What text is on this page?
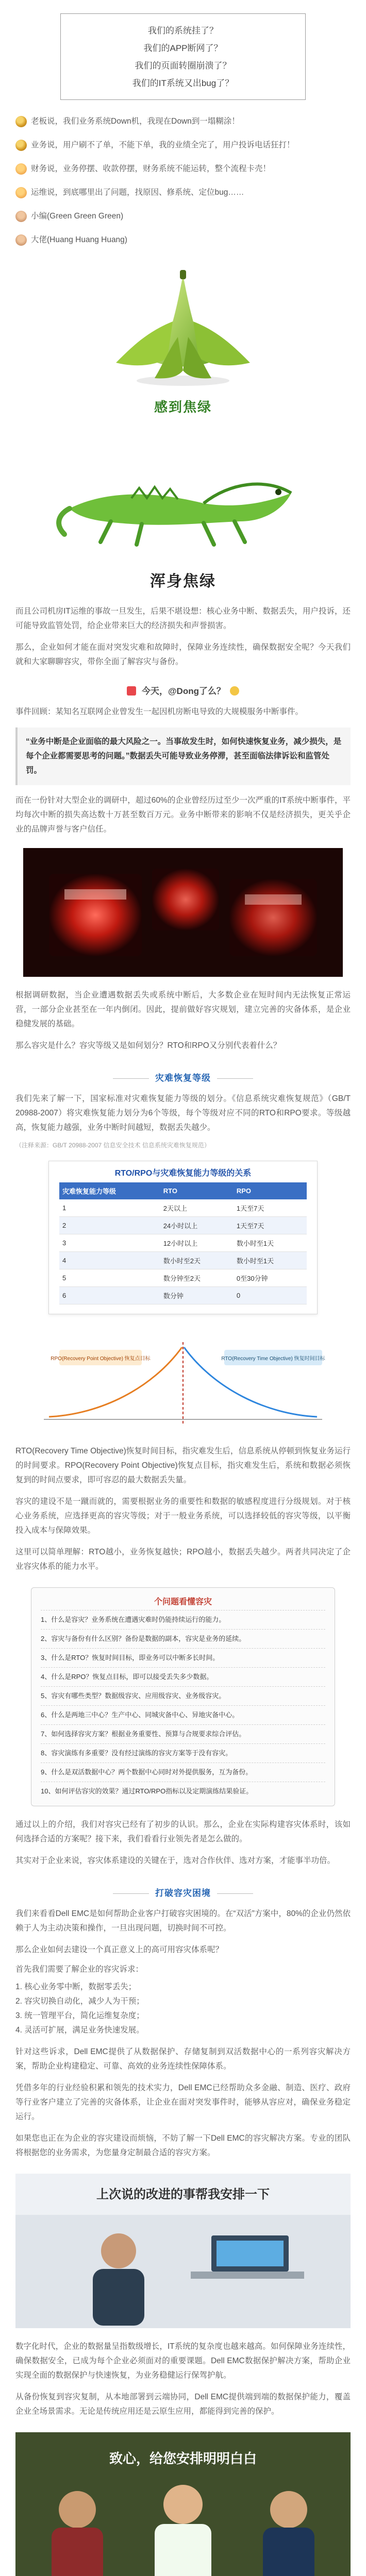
我们的系统挂了？
我们的APP断网了？
我们的页面转圈崩溃了？
我们的IT系统又出bug了？
老板说，我们业务系统Down机，我现在Down到一塌糊涂！
业务说，用户刷不了单，不能下单，我的业绩全完了，用户投诉电话狂打！
财务说，业务停摆、收款停摆，财务系统不能运转，整个流程卡壳！
运维说，到底哪里出了问题，找原因、修系统、定位bug……
小编(Green Green Green)
大佬(Huang Huang Huang)
感到焦绿
浑身焦绿
而且公司机房IT运维的事故一旦发生，后果不堪设想：核心业务中断、数据丢失，用户投诉，还可能导致监管处罚，给企业带来巨大的经济损失和声誉损害。
那么，企业如何才能在面对突发灾难和故障时，保障业务连续性，确保数据安全呢？今天我们就和大家聊聊容灾，带你全面了解容灾与备份。
今天，@Dong了么？
事件回顾：某知名互联网企业曾发生一起因机房断电导致的大规模服务中断事件。
“业务中断是企业面临的最大风险之一。当事故发生时，如何快速恢复业务，减少损失，是每个企业都需要思考的问题。”数据丢失可能导致业务停滞，甚至面临法律诉讼和监管处罚。
而在一份针对大型企业的调研中，超过60%的企业曾经历过至少一次严重的IT系统中断事件，平均每次中断的损失高达数十万甚至数百万元。业务中断带来的影响不仅是经济损失，更关乎企业的品牌声誉与客户信任。
根据调研数据，当企业遭遇数据丢失或系统中断后，大多数企业在短时间内无法恢复正常运营，一部分企业甚至在一年内倒闭。因此，提前做好容灾规划，建立完善的灾备体系，是企业稳健发展的基础。
那么容灾是什么？容灾等级又是如何划分？RTO和RPO又分别代表着什么？
灾难恢复等级
我们先来了解一下，国家标准对灾难恢复能力等级的划分。《信息系统灾难恢复规范》（GB/T 20988-2007）将灾难恢复能力划分为6个等级，每个等级对应不同的RTO和RPO要求。等级越高，恢复能力越强，业务中断时间越短，数据丢失越少。
（注释来源：GB/T 20988-2007 信息安全技术 信息系统灾难恢复规范）
RTO/RPO与灾难恢复能力等级的关系
灾难恢复能力等级	RTO	RPO
1	2天以上	1天至7天
2	24小时以上	1天至7天
3	12小时以上	数小时至1天
4	数小时至2天	数小时至1天
5	数分钟至2天	0至30分钟
6	数分钟	0
RPO(Recovery Point Objective) 恢复点目标	RTO(Recovery Time Objective) 恢复时间目标
RTO(Recovery Time Objective)恢复时间目标，指灾难发生后，信息系统从停顿到恢复业务运行的时间要求。RPO(Recovery Point Objective)恢复点目标，指灾难发生后，系统和数据必须恢复到的时间点要求，即可容忍的最大数据丢失量。
容灾的建设不是一蹴而就的，需要根据业务的重要性和数据的敏感程度进行分级规划。对于核心业务系统，应选择更高的容灾等级；对于一般业务系统，可以选择较低的容灾等级，以平衡投入成本与保障效果。
这里可以简单理解：RTO越小，业务恢复越快；RPO越小，数据丢失越少。两者共同决定了企业容灾体系的能力水平。
个问题看懂容灾
1、什么是容灾？业务系统在遭遇灾难时仍能持续运行的能力。
2、容灾与备份有什么区别？备份是数据的副本，容灾是业务的延续。
3、什么是RTO？恢复时间目标，即业务可以中断多长时间。
4、什么是RPO？恢复点目标，即可以接受丢失多少数据。
5、容灾有哪些类型？数据级容灾、应用级容灾、业务级容灾。
6、什么是两地三中心？生产中心、同城灾备中心、异地灾备中心。
7、如何选择容灾方案？根据业务重要性、预算与合规要求综合评估。
8、容灾演练有多重要？没有经过演练的容灾方案等于没有容灾。
9、什么是双活数据中心？两个数据中心同时对外提供服务，互为备份。
10、如何评估容灾的效果？通过RTO/RPO指标以及定期演练结果验证。
通过以上的介绍，我们对容灾已经有了初步的认识。那么，企业在实际构建容灾体系时，该如何选择合适的方案呢？接下来，我们看看行业领先者是怎么做的。
其实对于企业来说，容灾体系建设的关键在于，选对合作伙伴、选对方案，才能事半功倍。
打破容灾困境
我们来看看Dell EMC是如何帮助企业客户打破容灾困境的。在“双活”方案中，80%的企业仍然依赖于人为主动决策和操作，一旦出现问题，切换时间不可控。
那么企业如何去建设一个真正意义上的高可用容灾体系呢？
首先我们需要了解企业的容灾诉求：
1. 核心业务零中断，数据零丢失；
2. 容灾切换自动化，减少人为干预；
3. 统一管理平台，简化运维复杂度；
4. 灵活可扩展，满足业务快速发展。
针对这些诉求，Dell EMC提供了从数据保护、存储复制到双活数据中心的一系列容灾解决方案，帮助企业构建稳定、可靠、高效的业务连续性保障体系。
凭借多年的行业经验积累和领先的技术实力，Dell EMC已经帮助众多金融、制造、医疗、政府等行业客户建立了完善的灾备体系，让企业在面对突发事件时，能够从容应对，确保业务稳定运行。
如果您也正在为企业的容灾建设而烦恼，不妨了解一下Dell EMC的容灾解决方案。专业的团队将根据您的业务需求，为您量身定制最合适的容灾方案。
上次说的改进的事帮我安排一下
数字化时代，企业的数据量呈指数级增长，IT系统的复杂度也越来越高。如何保障业务连续性，确保数据安全，已成为每个企业必须面对的重要课题。Dell EMC数据保护解决方案，帮助企业实现全面的数据保护与快速恢复，为业务稳健运行保驾护航。
从备份恢复到容灾复制，从本地部署到云端协同，Dell EMC提供端到端的数据保护能力，覆盖企业全场景需求。无论是传统应用还是云原生应用，都能得到完善的保护。
致心，给您安排明明白白
